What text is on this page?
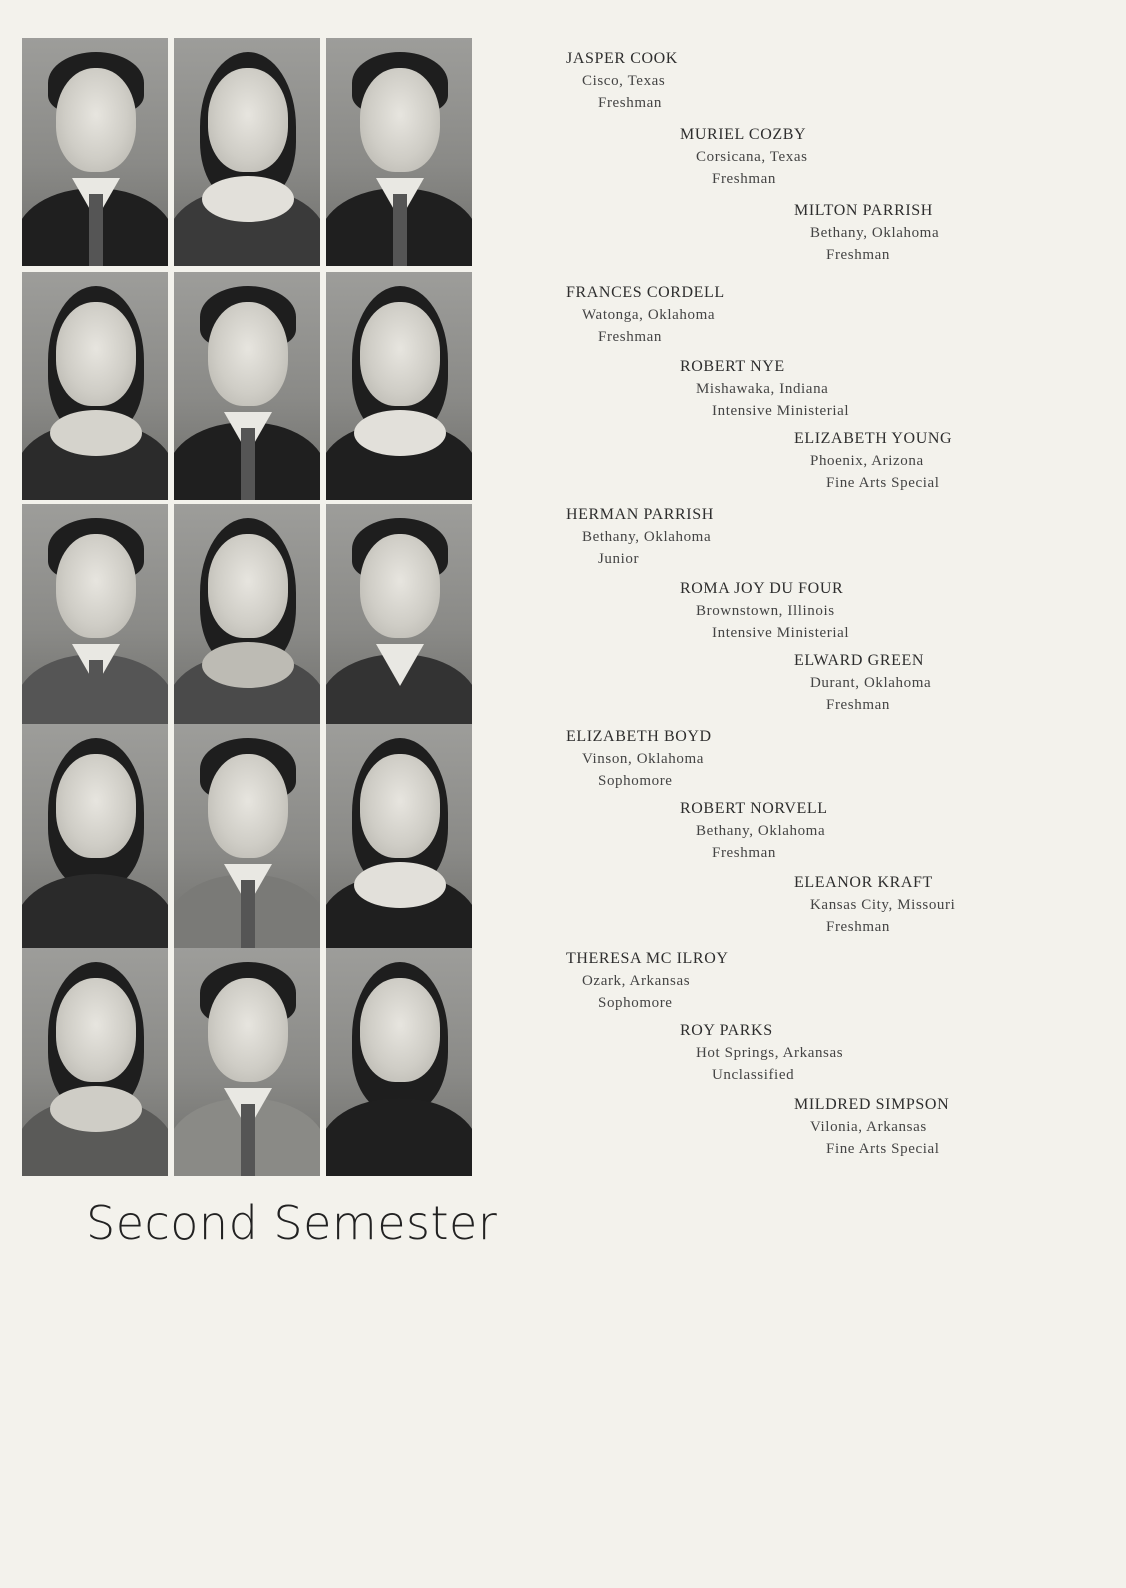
JASPER COOK
Cisco, Texas
Freshman
MURIEL COZBY
Corsicana, Texas
Freshman
MILTON PARRISH
Bethany, Oklahoma
Freshman
FRANCES CORDELL
Watonga, Oklahoma
Freshman
ROBERT NYE
Mishawaka, Indiana
Intensive Ministerial
ELIZABETH YOUNG
Phoenix, Arizona
Fine Arts Special
HERMAN PARRISH
Bethany, Oklahoma
Junior
ROMA JOY DU FOUR
Brownstown, Illinois
Intensive Ministerial
ELWARD GREEN
Durant, Oklahoma
Freshman
ELIZABETH BOYD
Vinson, Oklahoma
Sophomore
ROBERT NORVELL
Bethany, Oklahoma
Freshman
ELEANOR KRAFT
Kansas City, Missouri
Freshman
THERESA MC ILROY
Ozark, Arkansas
Sophomore
ROY PARKS
Hot Springs, Arkansas
Unclassified
MILDRED SIMPSON
Vilonia, Arkansas
Fine Arts Special
Second Semester
